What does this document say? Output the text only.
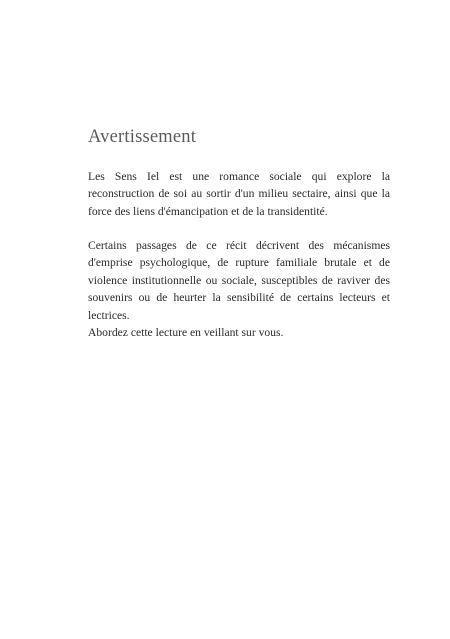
Avertissement

Les Sens Iel est une romance sociale qui explore la reconstruction de soi au sortir d'un milieu sectaire, ainsi que la force des liens d'émancipation et de la transidentité.

Certains passages de ce récit décrivent des mécanismes d'emprise psychologique, de rupture familiale brutale et de violence institutionnelle ou sociale, susceptibles de raviver des souvenirs ou de heurter la sensibilité de certains lecteurs et lectrices.

Abordez cette lecture en veillant sur vous.
